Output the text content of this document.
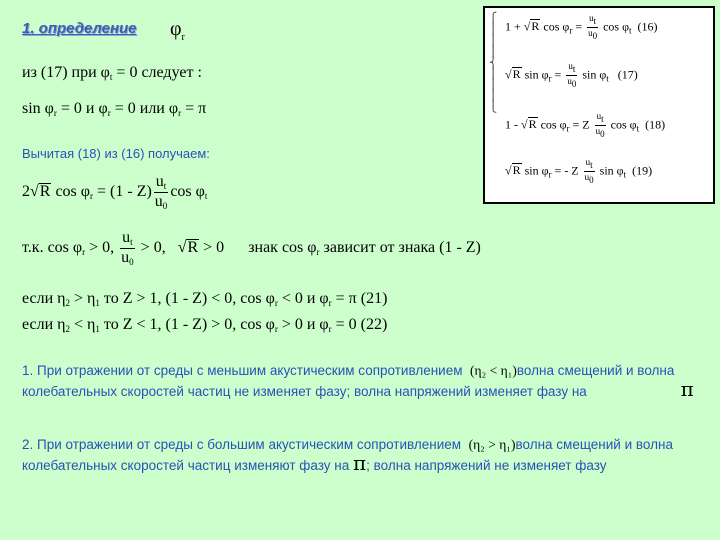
1. определение $\varphi_r$
⎧
⎪
⎪
⎪
⎨
⎪
⎪
⎪
⎩
1 + √R $\cos \varphi_r = \frac{ut}{u0}$ $\cos \varphi_t$ (16)
√R $\sin \varphi_r = \frac{ut}{u0}$ $\sin \varphi_t$ (17)
1 - √R $\cos \varphi_r = Z \frac{ut}{u0}$ $\cos \varphi_t$ (18)
√R $\sin \varphi_r$ = - Z $\frac{ut}{u0}$ $\sin \varphi_t$ (19)
из (17) при $\varphi_t = 0$ следует :
$\sin \varphi_r = 0$ и $\varphi_r = 0$ или $\varphi_r = \pi$
Вычитая (18) из (16) получаем:
2√R $\cos \varphi_r = (1 - Z) \frac{u_t}{u_0}$ $\cos \varphi_t$
т.к. $\cos \varphi_r > 0$, $\frac{u_t}{u_0} > 0$,   √R > 0 знак $\cos \varphi_r$ зависит от знака (1 - Z)
если $\eta_2 > \eta_1$ то Z > 1, (1 - Z) < 0, $\cos \varphi_r < 0$ и $\varphi_r = \pi$ (21)
если $\eta_2 < \eta_1$ то Z < 1, (1 - Z) > 0, $\cos \varphi_r > 0$ и $\varphi_r = 0$ (22)
1. При отражении от среды с меньшим акустическим сопротивлением (η₂ < η₁)волна смещений и волна колебательных скоростей частиц не изменяет фазу; волна напряжений изменяет фазу на	π
2. При отражении от среды с большим акустическим сопротивлением (η₂ > η₁)волна смещений и волна колебательных скоростей частиц изменяют фазу на π; волна напряжений не изменяет фазу
